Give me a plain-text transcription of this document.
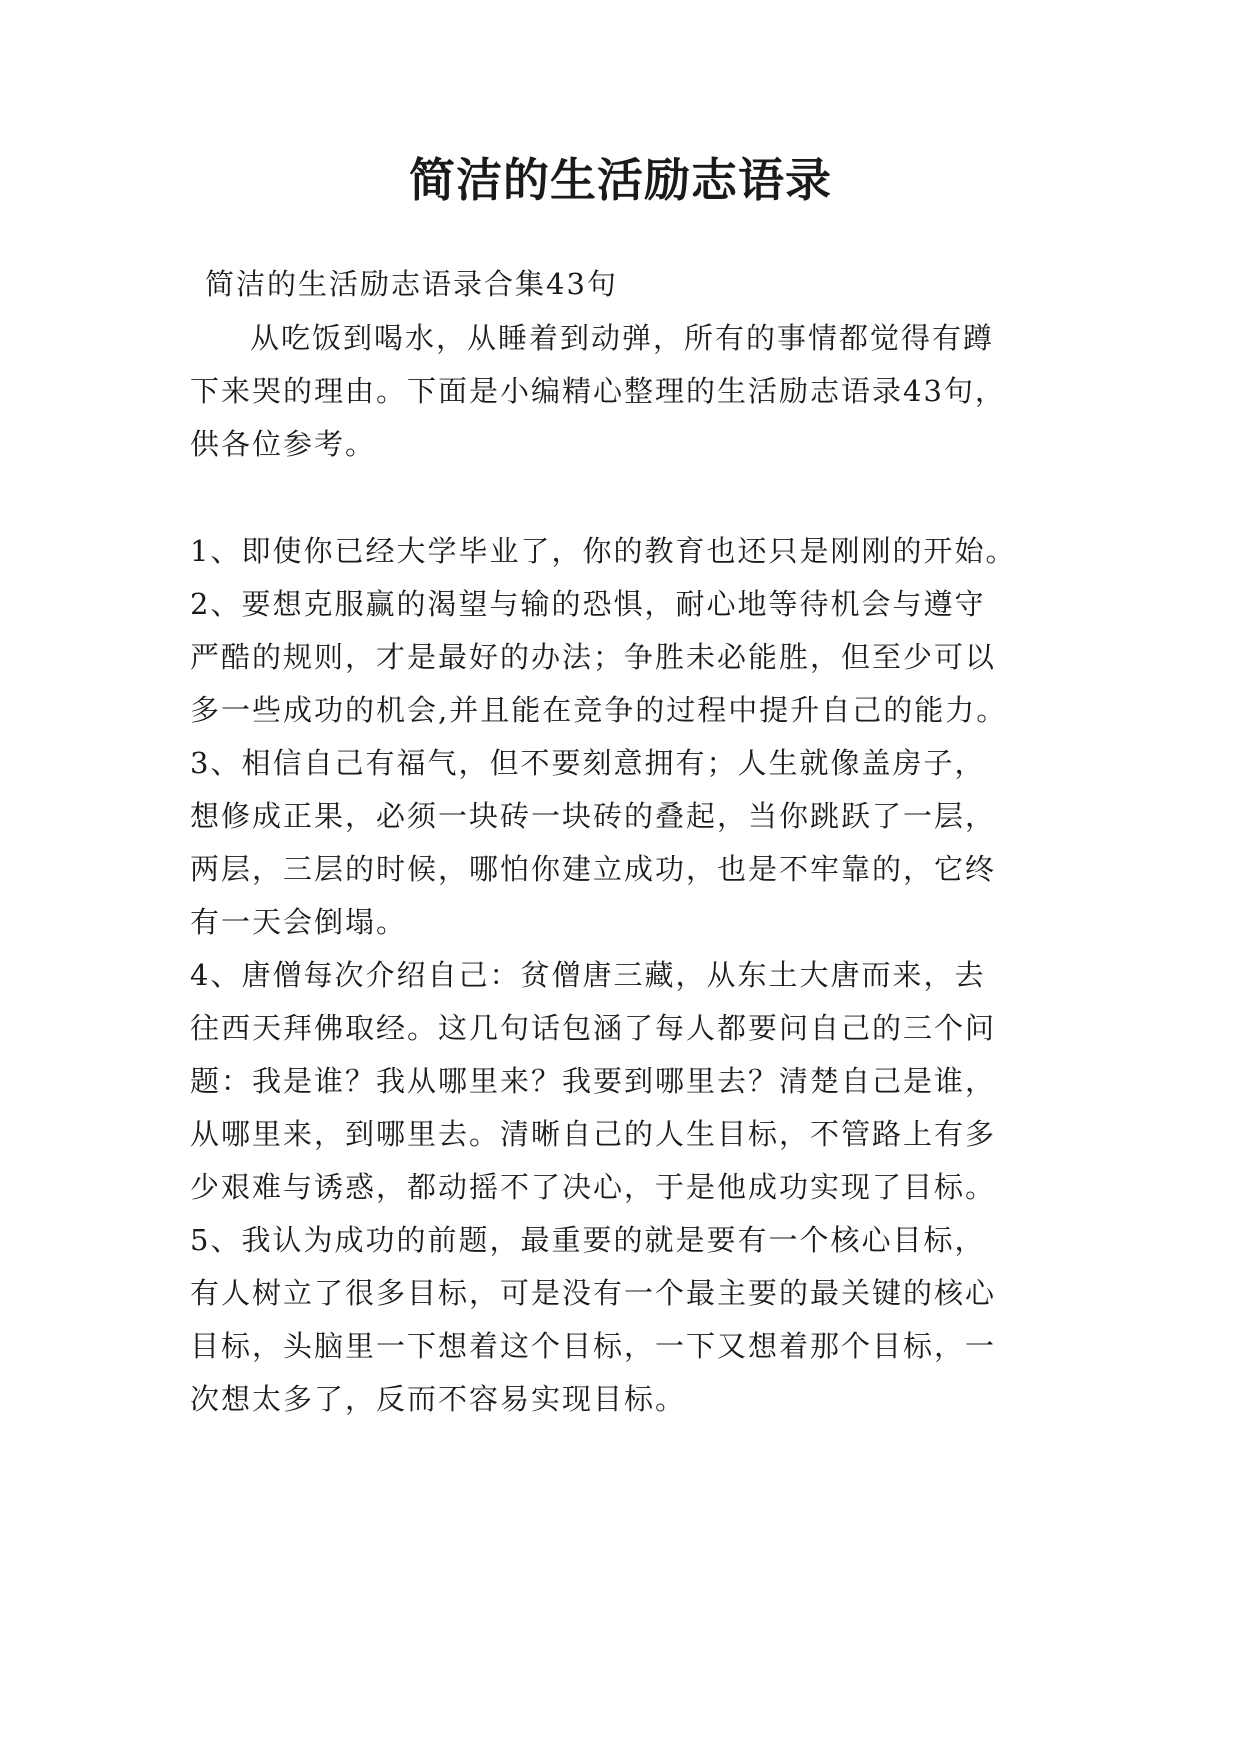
简洁的生活励志语录
简洁的生活励志语录合集43句
从吃饭到喝水，从睡着到动弹，所有的事情都觉得有蹲
下来哭的理由。下面是小编精心整理的生活励志语录43句，
供各位参考。
1、即使你已经大学毕业了，你的教育也还只是刚刚的开始。
2、要想克服赢的渴望与输的恐惧，耐心地等待机会与遵守
严酷的规则，才是最好的办法；争胜未必能胜，但至少可以
多一些成功的机会,并且能在竞争的过程中提升自己的能力。
3、相信自己有福气，但不要刻意拥有；人生就像盖房子，
想修成正果，必须一块砖一块砖的叠起，当你跳跃了一层，
两层，三层的时候，哪怕你建立成功，也是不牢靠的，它终
有一天会倒塌。
4、唐僧每次介绍自己：贫僧唐三藏，从东土大唐而来，去
往西天拜佛取经。这几句话包涵了每人都要问自己的三个问
题：我是谁？我从哪里来？我要到哪里去？清楚自己是谁，
从哪里来，到哪里去。清晰自己的人生目标，不管路上有多
少艰难与诱惑，都动摇不了决心，于是他成功实现了目标。
5、我认为成功的前题，最重要的就是要有一个核心目标，
有人树立了很多目标，可是没有一个最主要的最关键的核心
目标，头脑里一下想着这个目标，一下又想着那个目标，一
次想太多了，反而不容易实现目标。
